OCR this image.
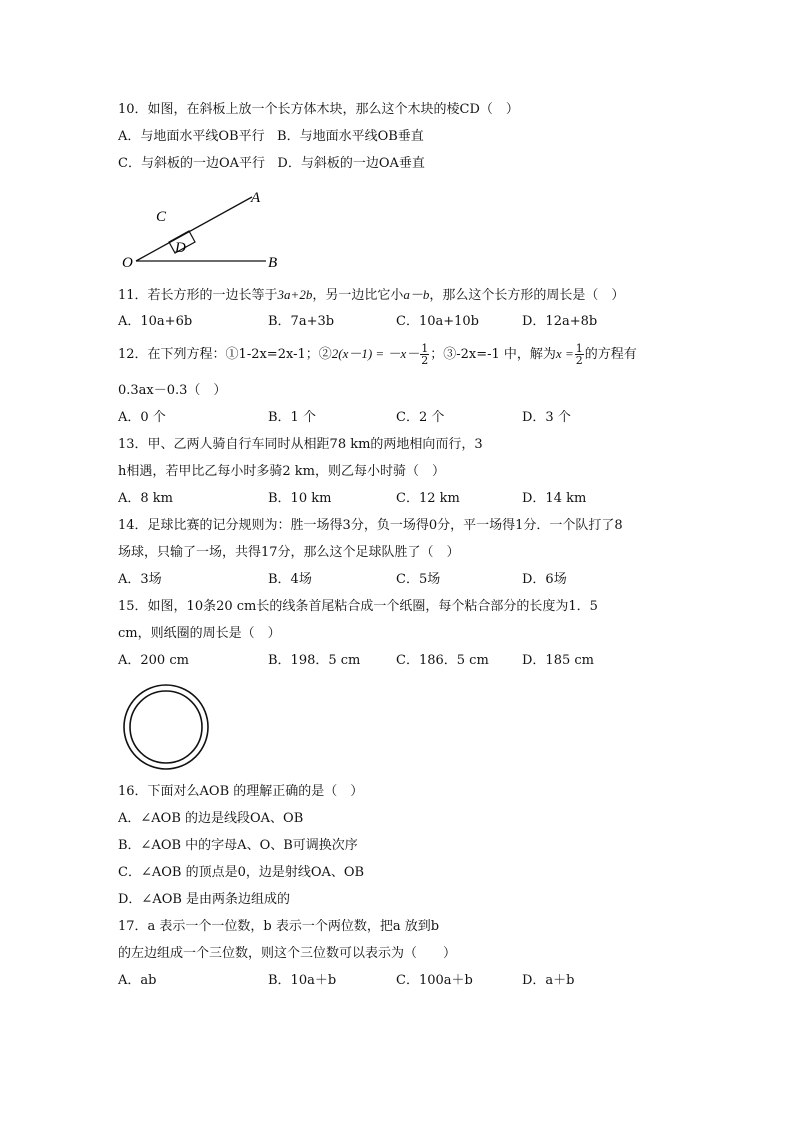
10．如图，在斜板上放一个长方体木块，那么这个木块的棱CD（　）
A．与地面水平线OB平行 B．与地面水平线OB垂直
C．与斜板的一边OA平行 D．与斜板的一边OA垂直
C
D
A
O	B
11．若长方形的一边长等于3a+2b，另一边比它小a－b，那么这个长方形的周长是（　）
A．10a+6b	B．7a+3b	C．10a+10b	D．12a+8b
12．在下列方程：①1-2x=2x-1；②2(x－1) = $-x- \frac{1}{2}$ ；③-2x=-1 中，解为$x = \frac{1}{2}$ 的方程有
0.3ax－0.3（　）
A．0 个	B．1 个	C．2 个	D．3 个
13．甲、乙两人骑自行车同时从相距78 km的两地相向而行，3
h相遇，若甲比乙每小时多骑2 km，则乙每小时骑（　）
A．8 km	B．10 km	C．12 km	D．14 km
14．足球比赛的记分规则为：胜一场得3分，负一场得0分，平一场得1分．一个队打了8
场球，只输了一场，共得17分，那么这个足球队胜了（　）
A．3场	B．4场	C．5场	D．6场
15．如图，10条20 cm长的线条首尾粘合成一个纸圈，每个粘合部分的长度为1．5
cm，则纸圈的周长是（　）
A．200 cm	B．198．5 cm	C．186．5 cm	D．185 cm
16．下面对么AOB 的理解正确的是（　）
A．∠AOB 的边是线段OA、OB
B．∠AOB 中的字母A、O、B可调换次序
C．∠AOB 的顶点是0，边是射线OA、OB
D．∠AOB 是由两条边组成的
17．a 表示一个一位数，b 表示一个两位数，把a 放到b
的左边组成一个三位数，则这个三位数可以表示为（　　）
A．ab	B．10a＋b	C．100a＋b	D．a＋b
